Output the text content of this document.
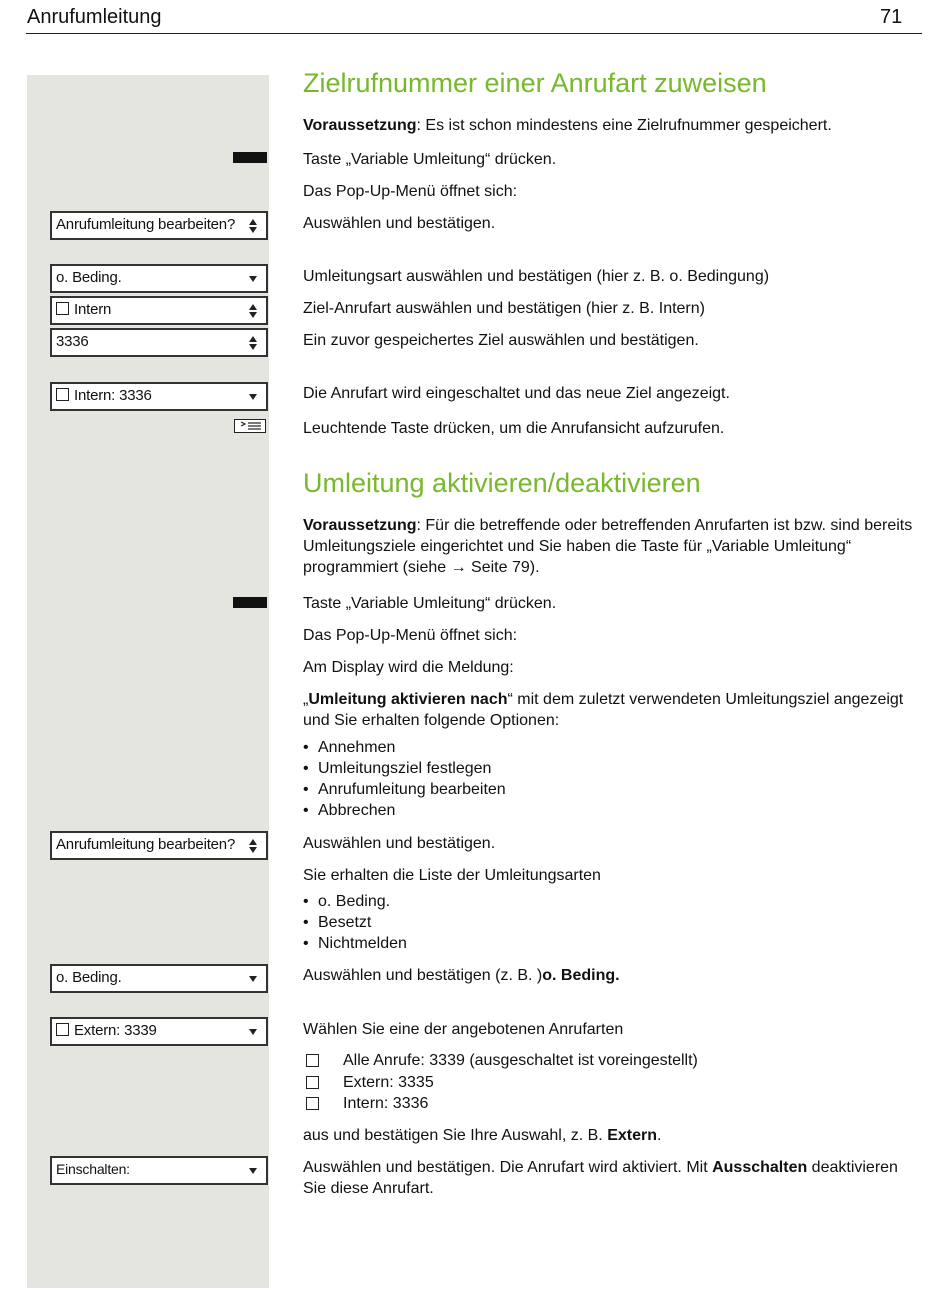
Anrufumleitung	71
Zielrufnummer einer Anrufart zuweisen
Voraussetzung: Es ist schon mindestens eine Zielrufnummer gespeichert.
Taste „Variable Umleitung“ drücken.
Das Pop-Up-Menü öffnet sich:
Anrufumleitung bearbeiten?	Auswählen und bestätigen.
o. Beding.	Umleitungsart auswählen und bestätigen (hier z. B. o. Bedingung)
Intern	Ziel-Anrufart auswählen und bestätigen (hier z. B. Intern)
3336	Ein zuvor gespeichertes Ziel auswählen und bestätigen.
Intern: 3336	Die Anrufart wird eingeschaltet und das neue Ziel angezeigt.
Leuchtende Taste drücken, um die Anrufansicht aufzurufen.
Umleitung aktivieren/deaktivieren
Voraussetzung: Für die betreffende oder betreffenden Anrufarten ist bzw. sind bereits Umleitungsziele eingerichtet und Sie haben die Taste für „Variable Umleitung“ programmiert (siehe → Seite 79).
Taste „Variable Umleitung“ drücken.
Das Pop-Up-Menü öffnet sich:
Am Display wird die Meldung:
„Umleitung aktivieren nach“ mit dem zuletzt verwendeten Umleitungsziel angezeigt und Sie erhalten folgende Optionen:
• Annehmen
• Umleitungsziel festlegen
• Anrufumleitung bearbeiten
• Abbrechen
Anrufumleitung bearbeiten?	Auswählen und bestätigen.
Sie erhalten die Liste der Umleitungsarten
• o. Beding.
• Besetzt
• Nichtmelden
o. Beding.	Auswählen und bestätigen (z. B. )o. Beding.
Extern: 3339	Wählen Sie eine der angebotenen Anrufarten
Alle Anrufe: 3339 (ausgeschaltet ist voreingestellt)
Extern: 3335
Intern: 3336
aus und bestätigen Sie Ihre Auswahl, z. B. Extern.
Einschalten:	Auswählen und bestätigen. Die Anrufart wird aktiviert. Mit Ausschalten deaktivieren Sie diese Anrufart.
